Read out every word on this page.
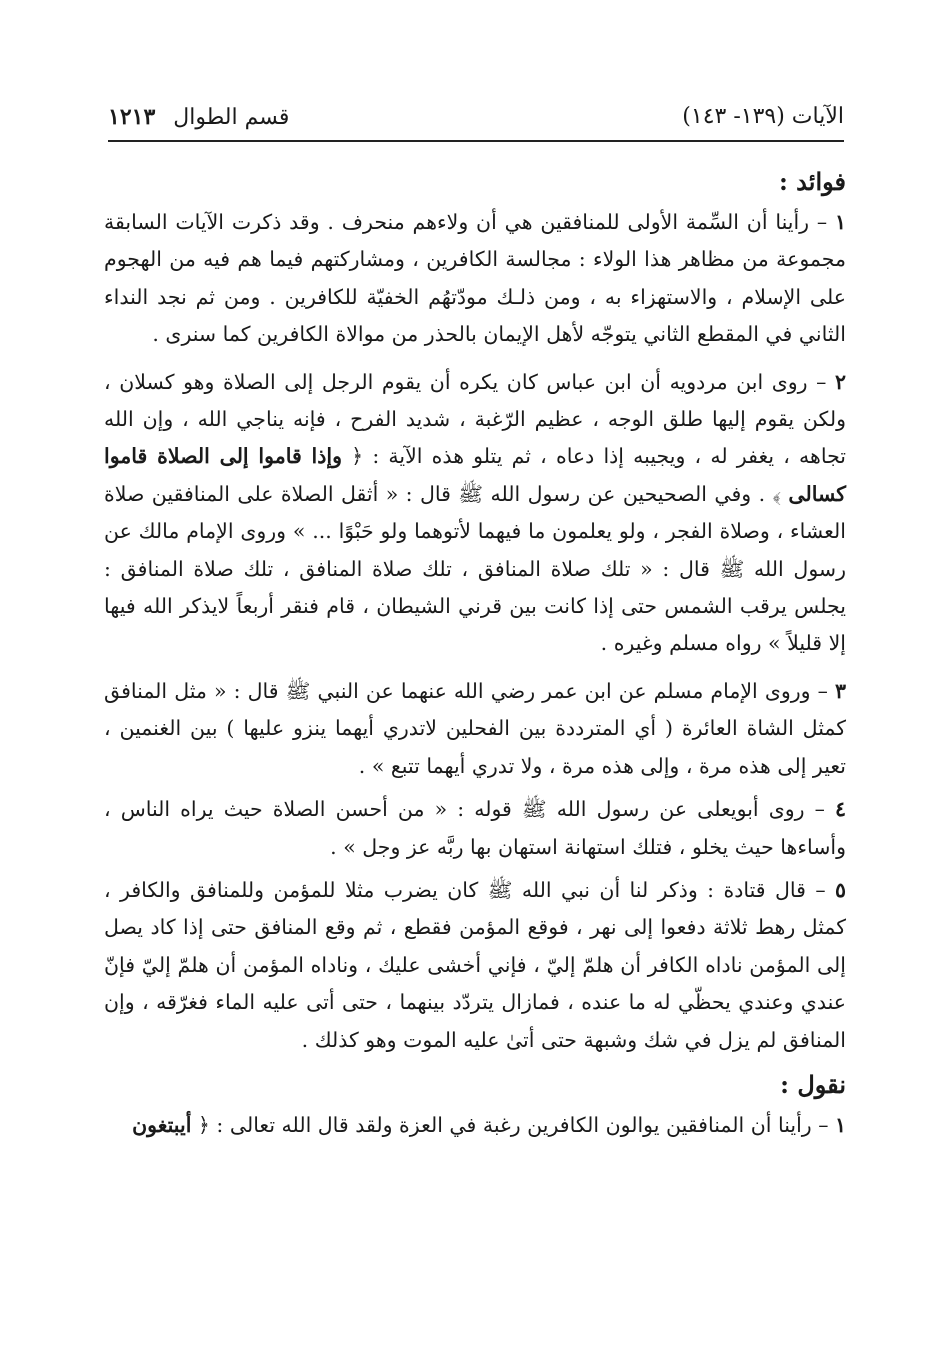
الآيات (١٣٩- ١٤٣)
قسم الطوال١٢١٣
فوائد :

١ – رأينا أن السِّمة الأولى للمنافقين هي أن ولاءهم منحرف . وقد ذكرت الآيات السابقة مجموعة من مظاهر هذا الولاء : مجالسة الكافرين ، ومشاركتهم فيما هم فيه من الهجوم على الإسلام ، والاستهزاء به ، ومن ذلـك مودّتهُم الخفيّة للكافرين . ومن ثم نجد النداء الثاني في المقطع الثاني يتوجّه لأهل الإيمان بالحذر من موالاة الكافرين كما سنرى .

٢ – روى ابن مردويه أن ابن عباس كان يكره أن يقوم الرجل إلى الصلاة وهو كسلان ، ولكن يقوم إليها طلق الوجه ، عظيم الرّغبة ، شديد الفرح ، فإنه يناجي الله ، وإن الله تجاهه ، يغفر له ، ويجيبه إذا دعاه ، ثم يتلو هذه الآية : ﴿ وإذا قاموا إلى الصلاة قاموا كسالى ﴾ . وفي الصحيحين عن رسول الله ﷺ قال : « أثقل الصلاة على المنافقين صلاة العشاء ، وصلاة الفجر ، ولو يعلمون ما فيهما لأتوهما ولو حَبْوًا ... » وروى الإمام مالك عن رسول الله ﷺ قال : « تلك صلاة المنافق ، تلك صلاة المنافق ، تلك صلاة المنافق : يجلس يرقب الشمس حتى إذا كانت بين قرني الشيطان ، قام فنقر أربعاً لايذكر الله فيها إلا قليلاً » رواه مسلم وغيره .

٣ – وروى الإمام مسلم عن ابن عمر رضي الله عنهما عن النبي ﷺ قال : « مثل المنافق كمثل الشاة العائرة ( أي المترددة بين الفحلين لاتدري أيهما ينزو عليها ) بين الغنمين ، تعير إلى هذه مرة ، وإلى هذه مرة ، ولا تدري أيهما تتبع » .

٤ – روى أبويعلى عن رسول الله ﷺ قوله : « من أحسن الصلاة حيث يراه الناس ، وأساءها حيث يخلو ، فتلك استهانة استهان بها ربَّه عز وجل » .

٥ – قال قتادة : وذكر لنا أن نبي الله ﷺ كان يضرب مثلا للمؤمن وللمنافق والكافر ، كمثل رهط ثلاثة دفعوا إلى نهر ، فوقع المؤمن فقطع ، ثم وقع المنافق حتى إذا كاد يصل إلى المؤمن ناداه الكافر أن هلمّ إليّ ، فإني أخشى عليك ، وناداه المؤمن أن هلمّ إليّ فإنّ عندي وعندي يحظّي له ما عنده ، فمازال يتردّد بينهما ، حتى أتى عليه الماء فغرّقه ، وإن المنافق لم يزل في شك وشبهة حتى أتىٰ عليه الموت وهو كذلك .

نقول :

١ – رأينا أن المنافقين يوالون الكافرين رغبة في العزة ولقد قال الله تعالى : ﴿ أيبتغون
